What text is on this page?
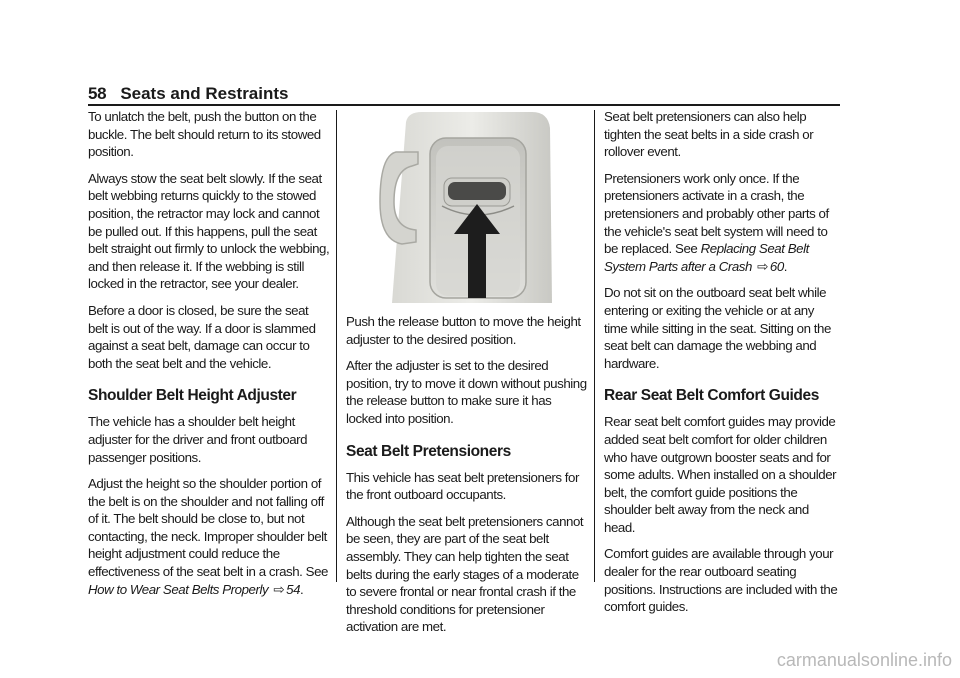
58 Seats and Restraints

To unlatch the belt, push the button on the buckle. The belt should return to its stowed position.

Always stow the seat belt slowly. If the seat belt webbing returns quickly to the stowed position, the retractor may lock and cannot be pulled out. If this happens, pull the seat belt straight out firmly to unlock the webbing, and then release it. If the webbing is still locked in the retractor, see your dealer.

Before a door is closed, be sure the seat belt is out of the way. If a door is slammed against a seat belt, damage can occur to both the seat belt and the vehicle.

Shoulder Belt Height Adjuster

The vehicle has a shoulder belt height adjuster for the driver and front outboard passenger positions.

Adjust the height so the shoulder portion of the belt is on the shoulder and not falling off of it. The belt should be close to, but not contacting, the neck. Improper shoulder belt height adjustment could reduce the effectiveness of the seat belt in a crash. See How to Wear Seat Belts Properly ⇨ 54.

Push the release button to move the height adjuster to the desired position.

After the adjuster is set to the desired position, try to move it down without pushing the release button to make sure it has locked into position.

Seat Belt Pretensioners

This vehicle has seat belt pretensioners for the front outboard occupants.

Although the seat belt pretensioners cannot be seen, they are part of the seat belt assembly. They can help tighten the seat belts during the early stages of a moderate to severe frontal or near frontal crash if the threshold conditions for pretensioner activation are met.

Seat belt pretensioners can also help tighten the seat belts in a side crash or rollover event.

Pretensioners work only once. If the pretensioners activate in a crash, the pretensioners and probably other parts of the vehicle's seat belt system will need to be replaced. See Replacing Seat Belt System Parts after a Crash ⇨ 60.

Do not sit on the outboard seat belt while entering or exiting the vehicle or at any time while sitting in the seat. Sitting on the seat belt can damage the webbing and hardware.

Rear Seat Belt Comfort Guides

Rear seat belt comfort guides may provide added seat belt comfort for older children who have outgrown booster seats and for some adults. When installed on a shoulder belt, the comfort guide positions the shoulder belt away from the neck and head.

Comfort guides are available through your dealer for the rear outboard seating positions. Instructions are included with the comfort guides.

carmanualsonline.info
